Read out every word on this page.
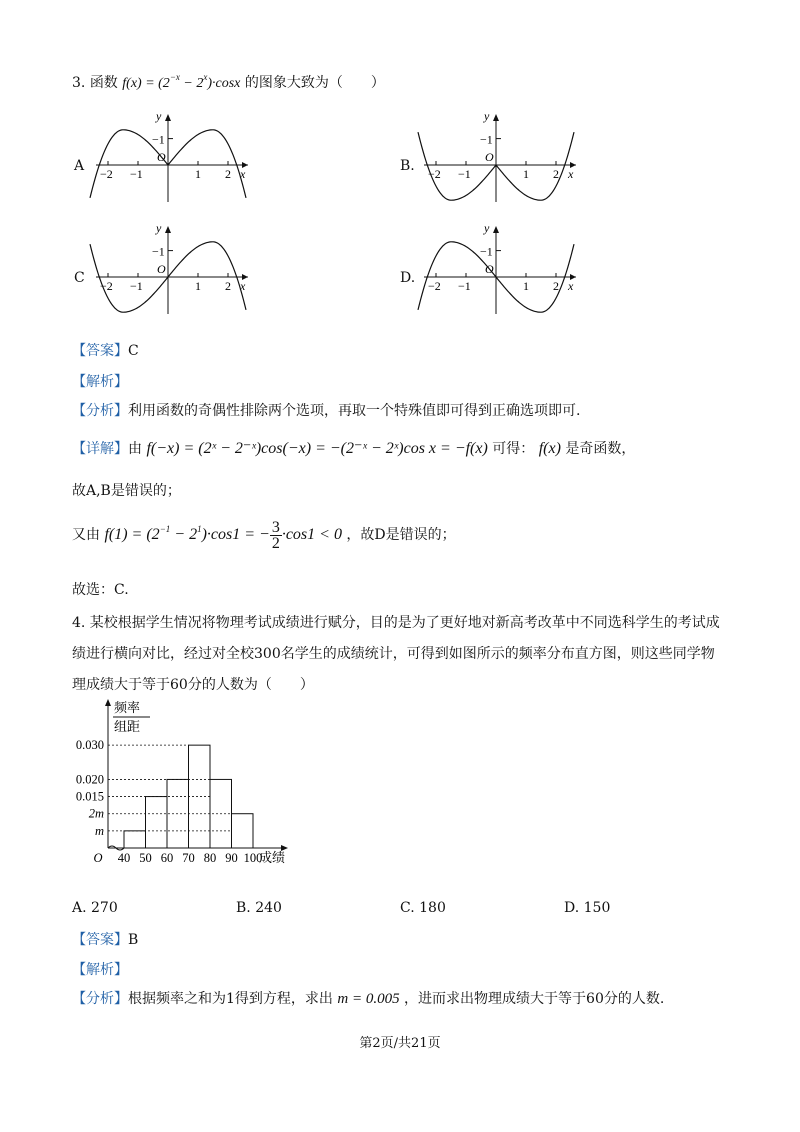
3. 函数 $f(x) = (2^{-x} - 2^x)\cdot\cos x$ 的图象大致为（　　）
A	B.
C	D.
y
−1
O
−2 −1	1 2 x
y
−1
O
−2 −1	1 2 x
y
−1
O
−2 −1	1 2 x
y
−1
O
−2 −1	1 2 x
【答案】C
【解析】
【分析】利用函数的奇偶性排除两个选项，再取一个特殊值即可得到正确选项即可.
【详解】由 f(−x) = (2ˣ − 2⁻ˣ)cos(−x) = −(2⁻ˣ − 2ˣ)cos x = −f(x) 可得： f(x) 是奇函数，
故A,B是错误的；
又由 $f(1) = (2^{-1} - 2^1)\cdot\cos 1$ = − $\frac{3}{2} \cdot\cos 1 < 0$ ，故D是错误的；
故选：C.
4. 某校根据学生情况将物理考试成绩进行赋分，目的是为了更好地对新高考改革中不同选科学生的考试成
绩进行横向对比，经过对全校300名学生的成绩统计，可得到如图所示的频率分布直方图，则这些同学物
理成绩大于等于60分的人数为（　　）
频率
组距
m
2m
0.015
0.020
0.030
40 50 60 70 80 90 100
O	成绩
A. 270	B. 240	C. 180	D. 150
【答案】B
【解析】
【分析】根据频率之和为1得到方程，求出 m = 0.005 ，进而求出物理成绩大于等于60分的人数.
第2页/共21页
